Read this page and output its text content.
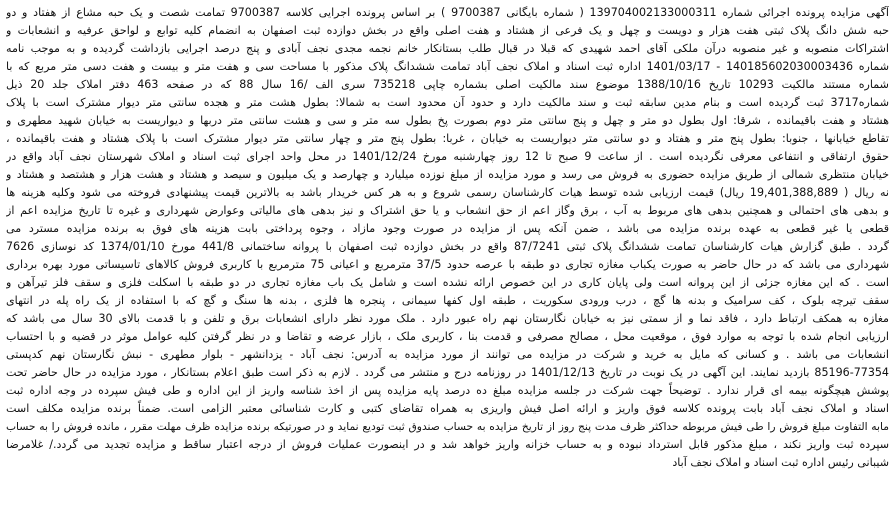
آگهی مزایده پرونده اجرائی شماره 139704002133000311 ( شماره بایگانی 9700387 ) بر اساس پرونده اجرایی کلاسه 9700387 تمامت شصت و یک حبه مشاع از هفتاد و دو
حبه شش دانگ پلاک ثبتی هفت هزار و دویست و چهل و یک فرعی از هشتاد و هفت اصلی واقع در بخش دوازده ثبت اصفهان به انضمام کلیه توابع و لواحق عرفیه و انشعابات و
اشتراکات منصوبه و غیر منصوبه درآن ملکی آقای احمد شهیدی که قبلا در قبال طلب بستانکار خانم نجمه مجدی نجف آبادی و پنج درصد اجرایی بازداشت گردیده و به موجب نامه
شماره 140185602030003436 - 1401/03/17 اداره ثبت اسناد و املاک نجف آباد تمامت ششدانگ پلاک مذکور با مساحت سی و هفت متر و بیست و هفت دسی متر مربع که با
شماره مستند مالکیت 10293 تاریخ 1388/10/16 موضوع سند مالکیت اصلی بشماره چاپی 735218 سری الف /16 سال 88 که در صفحه 463 دفتر املاک جلد 20 ذیل
شماره3717 ثبت گردیده است و بنام مدین سابقه ثبت و سند مالکیت دارد و حدود آن محدود است به شمالا: بطول هشت متر و هجده سانتی متر دیوار مشترک است با پلاک
هشتاد و هفت باقیمانده ، شرقا: اول بطول دو متر و چهل و پنج سانتی متر دوم بصورت پخ بطول سه متر و سی و هشت سانتی متر دربها و دیواریست به خیابان شهید مطهری و
تقاطع خیابانها ، جنوبا: بطول پنج متر و هفتاد و دو سانتی متر دیواریست به خیابان ، غربا: بطول پنج متر و چهار سانتی متر دیوار مشترک است با پلاک هشتاد و هفت باقیمانده ،
حقوق ارتفاقی و انتفاعی معرفی نگردیده است . از ساعت 9 صبح تا 12 روز چهارشنبه مورخ 1401/12/24 در محل واحد اجرای ثبت اسناد و املاک شهرستان نجف آباد واقع در
خیابان منتظری شمالی از طریق مزایده حضوری به فروش می رسد و مورد مزایده از مبلغ نوزده میلیارد و چهارصد و یک میلیون و سیصد و هشتاد و هشت هزار و هشتصد و هشتاد و
نه ریال ( 19,401,388,889 ریال) قیمت ارزیابی شده توسط هیات کارشناسان رسمی شروع و به هر کس خریدار باشد به بالاترین قیمت پیشنهادی فروخته می شود وکلیه هزینه ها
و بدهی های احتمالی و همچنین بدهی های مربوط به آب ، برق وگاز اعم از حق انشعاب و یا حق اشتراک و نیز بدهی های مالیاتی وعوارض شهرداری و غیره تا تاریخ مزایده اعم از
قطعی یا غیر قطعی به عهده برنده مزایده می باشد ، ضمن آنکه پس از مزایده در صورت وجود مازاد ، وجوه پرداختی بابت هزینه های فوق به برنده مزایده مسترد می
گردد . طبق گزارش هیات کارشناسان تمامت ششدانگ پلاک ثبتی 87/7241 واقع در بخش دوازده ثبت اصفهان با پروانه ساختمانی 441/8 مورخ 1374/01/10 کد نوسازی 7626
شهرداری می باشد که در حال حاضر به صورت یکباب مغازه تجاری دو طبقه با عرصه حدود 37/5 مترمربع و اعیانی 75 مترمربع با کاربری فروش کالاهای تاسیساتی مورد بهره برداری
است . که این مغازه جزئی از این پروانه است ولی پایان کاری در این خصوص ارائه نشده است و شامل یک باب مغازه تجاری در دو طبقه با اسکلت فلزی و سقف فلز تیرآهن و
سقف تیرچه بلوک ، کف سرامیک و بدنه ها گچ ، درب ورودی سکوریت ، طبقه اول کفها سیمانی ، پنجره ها فلزی ، بدنه ها سنگ و گچ که با استفاده از یک راه پله در انتهای
مغازه به همکف ارتباط دارد ، فاقد نما و از سمتی نیز به خیابان نگارستان نهم راه عبور دارد . ملک مورد نظر دارای انشعابات برق و تلفن و با قدمت بالای 30 سال می باشد که
ارزیابی انجام شده با توجه به موارد فوق ، موقعیت محل ، مصالح مصرفی و قدمت بنا ، کاربری ملک ، بازار عرضه و تقاضا و در نظر گرفتن کلیه عوامل موثر در قضیه و با احتساب
انشعابات می باشد . و کسانی که مایل به خرید و شرکت در مزایده می توانند از مورد مزایده به آدرس: نجف آباد - یزدانشهر - بلوار مطهری - نبش نگارستان نهم کدپستی
85196-77354 بازدید نمایند. این آگهی در یک نوبت در تاریخ 1401/12/13 در روزنامه درج و منتشر می گردد . لازم به ذکر است طبق اعلام بستانکار ، مورد مزایده در حال حاضر تحت
پوشش هیچگونه بیمه ای قرار ندارد . توضیحاً جهت شرکت در جلسه مزایده مبلغ ده درصد پایه مزایده پس از اخذ شناسه واریز از این اداره و طی فیش سپرده در وجه اداره ثبت
اسناد و املاک نجف آباد بابت پرونده کلاسه فوق واریز و ارائه اصل فیش واریزی به همراه تقاضای کتبی و کارت شناسائی معتبر الزامی است. ضمناً برنده مزایده مکلف است
مابه التفاوت مبلغ فروش را طی فیش مربوطه حداکثر ظرف مدت پنج روز از تاریخ مزایده به حساب صندوق ثبت تودیع نماید و در صورتیکه برنده مزایده ظرف مهلت مقرر ، مانده فروش را به حساب
سپرده ثبت واریز نکند ، مبلغ مذکور قابل استرداد نبوده و به حساب خزانه واریز خواهد شد و در اینصورت عملیات فروش از درجه اعتبار ساقط و مزایده تجدید می گردد./ غلامرضا
شیبانی رئیس اداره ثبت اسناد و املاک نجف آباد
